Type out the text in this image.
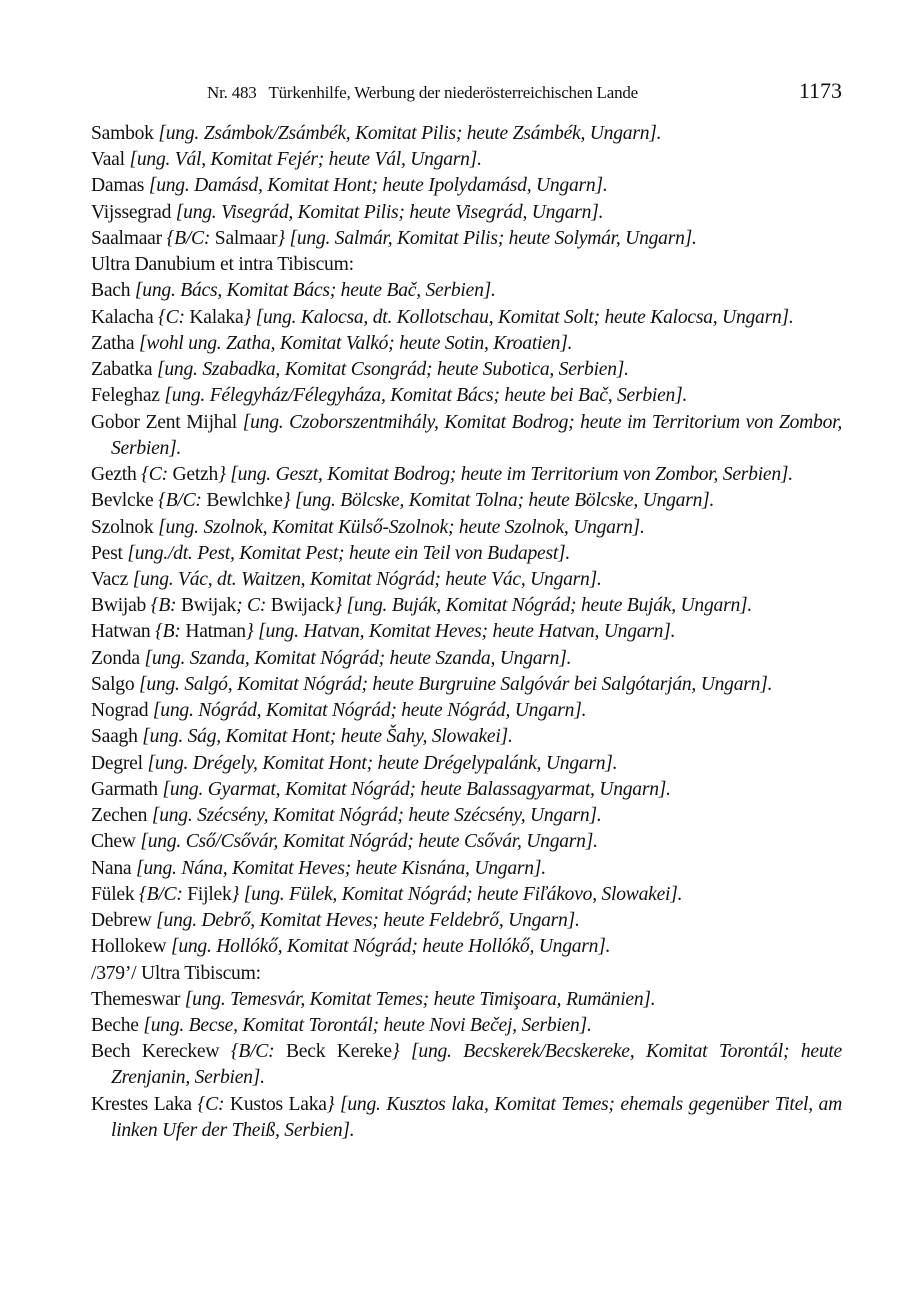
Nr. 483   Türkenhilfe, Werbung der niederösterreichischen Lande	1173

Sambok [ung. Zsámbok/Zsámbék, Komitat Pilis; heute Zsámbék, Ungarn].

Vaal [ung. Vál, Komitat Fejér; heute Vál, Ungarn].

Damas [ung. Damásd, Komitat Hont; heute Ipolydamásd, Ungarn].

Vijssegrad [ung. Visegrád, Komitat Pilis; heute Visegrád, Ungarn].

Saalmaar {B/C: Salmaar} [ung. Salmár, Komitat Pilis; heute Solymár, Ungarn].

Ultra Danubium et intra Tibiscum:

Bach [ung. Bács, Komitat Bács; heute Bač, Serbien].

Kalacha {C: Kalaka} [ung. Kalocsa, dt. Kollotschau, Komitat Solt; heute Kalocsa, Ungarn].

Zatha [wohl ung. Zatha, Komitat Valkó; heute Sotin, Kroatien].

Zabatka [ung. Szabadka, Komitat Csongrád; heute Subotica, Serbien].

Feleghaz [ung. Félegyház/Félegyháza, Komitat Bács; heute bei Bač, Serbien].

Gobor Zent Mijhal [ung. Czoborszentmihály, Komitat Bodrog; heute im Territorium von Zombor, Serbien].

Gezth {C: Getzh} [ung. Geszt, Komitat Bodrog; heute im Territorium von Zombor, Serbien].

Bevlcke {B/C: Bewlchke} [ung. Bölcske, Komitat Tolna; heute Bölcske, Ungarn].

Szolnok [ung. Szolnok, Komitat Külső-Szolnok; heute Szolnok, Ungarn].

Pest [ung./dt. Pest, Komitat Pest; heute ein Teil von Budapest].

Vacz [ung. Vác, dt. Waitzen, Komitat Nógrád; heute Vác, Ungarn].

Bwijab {B: Bwijak; C: Bwijack} [ung. Buják, Komitat Nógrád; heute Buják, Ungarn].

Hatwan {B: Hatman} [ung. Hatvan, Komitat Heves; heute Hatvan, Ungarn].

Zonda [ung. Szanda, Komitat Nógrád; heute Szanda, Ungarn].

Salgo [ung. Salgó, Komitat Nógrád; heute Burgruine Salgóvár bei Salgótarján, Ungarn].

Nograd [ung. Nógrád, Komitat Nógrád; heute Nógrád, Ungarn].

Saagh [ung. Ság, Komitat Hont; heute Šahy, Slowakei].

Degrel [ung. Drégely, Komitat Hont; heute Drégelypalánk, Ungarn].

Garmath [ung. Gyarmat, Komitat Nógrád; heute Balassagyarmat, Ungarn].

Zechen [ung. Szécsény, Komitat Nógrád; heute Szécsény, Ungarn].

Chew [ung. Cső/Csővár, Komitat Nógrád; heute Csővár, Ungarn].

Nana [ung. Nána, Komitat Heves; heute Kisnána, Ungarn].

Fülek {B/C: Fijlek} [ung. Fülek, Komitat Nógrád; heute Fiľákovo, Slowakei].

Debrew [ung. Debrő, Komitat Heves; heute Feldebrő, Ungarn].

Hollokew [ung. Hollókő, Komitat Nógrád; heute Hollókő, Ungarn].

/379’/ Ultra Tibiscum:

Themeswar [ung. Temesvár, Komitat Temes; heute Timişoara, Rumänien].

Beche [ung. Becse, Komitat Torontál; heute Novi Bečej, Serbien].

Bech Kereckew {B/C: Beck Kereke} [ung. Becskerek/Becskereke, Komitat Torontál; heute Zrenjanin, Serbien].

Krestes Laka {C: Kustos Laka} [ung. Kusztos laka, Komitat Temes; ehemals gegenüber Titel, am linken Ufer der Theiß, Serbien].
